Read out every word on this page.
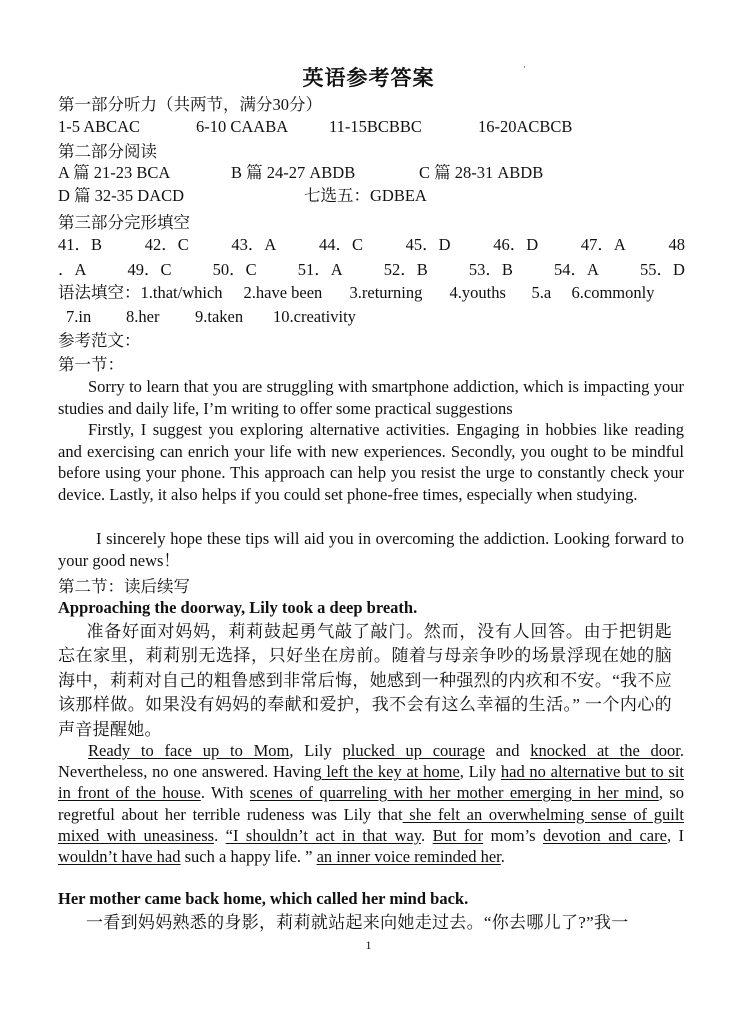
英语参考答案	·
第一部分听力（共两节，满分30分）
1-5 ABCAC	6-10 CAABA 11-15BCBBC	16-20ACBCB
第二部分阅读
A 篇 21-23 BCA	B 篇 24-27 ABDB	C 篇 28-31 ABDB
D 篇 32-35 DACD	七选五：GDBEA
第三部分完形填空
41．B	42．C	43．A	44．C	45．D	46．D	47．A	48
．A 49．C 50．C 51．A 52．B 53．B 54．A 55．D
语法填空：1.that/which 2.have been 3.returning 4.youths 5.a 6.commonly
7.in 8.her 9.taken 10.creativity
参考范文：
第一节：
Sorry to learn that you are struggling with smartphone addiction, which is impacting your studies and daily life, I’m writing to offer some practical suggestions
Firstly, I suggest you exploring alternative activities. Engaging in hobbies like reading and exercising can enrich your life with new experiences. Secondly, you ought to be mindful before using your phone. This approach can help you resist the urge to constantly check your device. Lastly, it also helps if you could set phone-free times, especially when studying.
I sincerely hope these tips will aid you in overcoming the addiction. Looking forward to your good news！
第二节：读后续写
Approaching the doorway, Lily took a deep breath.
准备好面对妈妈，莉莉鼓起勇气敲了敲门。然而，没有人回答。由于把钥匙忘在家里，莉莉别无选择，只好坐在房前。随着与母亲争吵的场景浮现在她的脑海中，莉莉对自己的粗鲁感到非常后悔，她感到一种强烈的内疚和不安。“我不应该那样做。如果没有妈妈的奉献和爱护，我不会有这么幸福的生活。” 一个内心的声音提醒她。
Ready to face up to Mom, Lily plucked up courage and knocked at the door. Nevertheless, no one answered. Having left the key at home, Lily had no alternative but to sit in front of the house. With scenes of quarreling with her mother emerging in her mind, so regretful about her terrible rudeness was Lily that she felt an overwhelming sense of guilt mixed with uneasiness. “I shouldn’t act in that way. But for mom’s devotion and care, I wouldn’t have had such a happy life. ” an inner voice reminded her.
Her mother came back home, which called her mind back.
一看到妈妈熟悉的身影，莉莉就站起来向她走过去。“你去哪儿了?”我一
1
